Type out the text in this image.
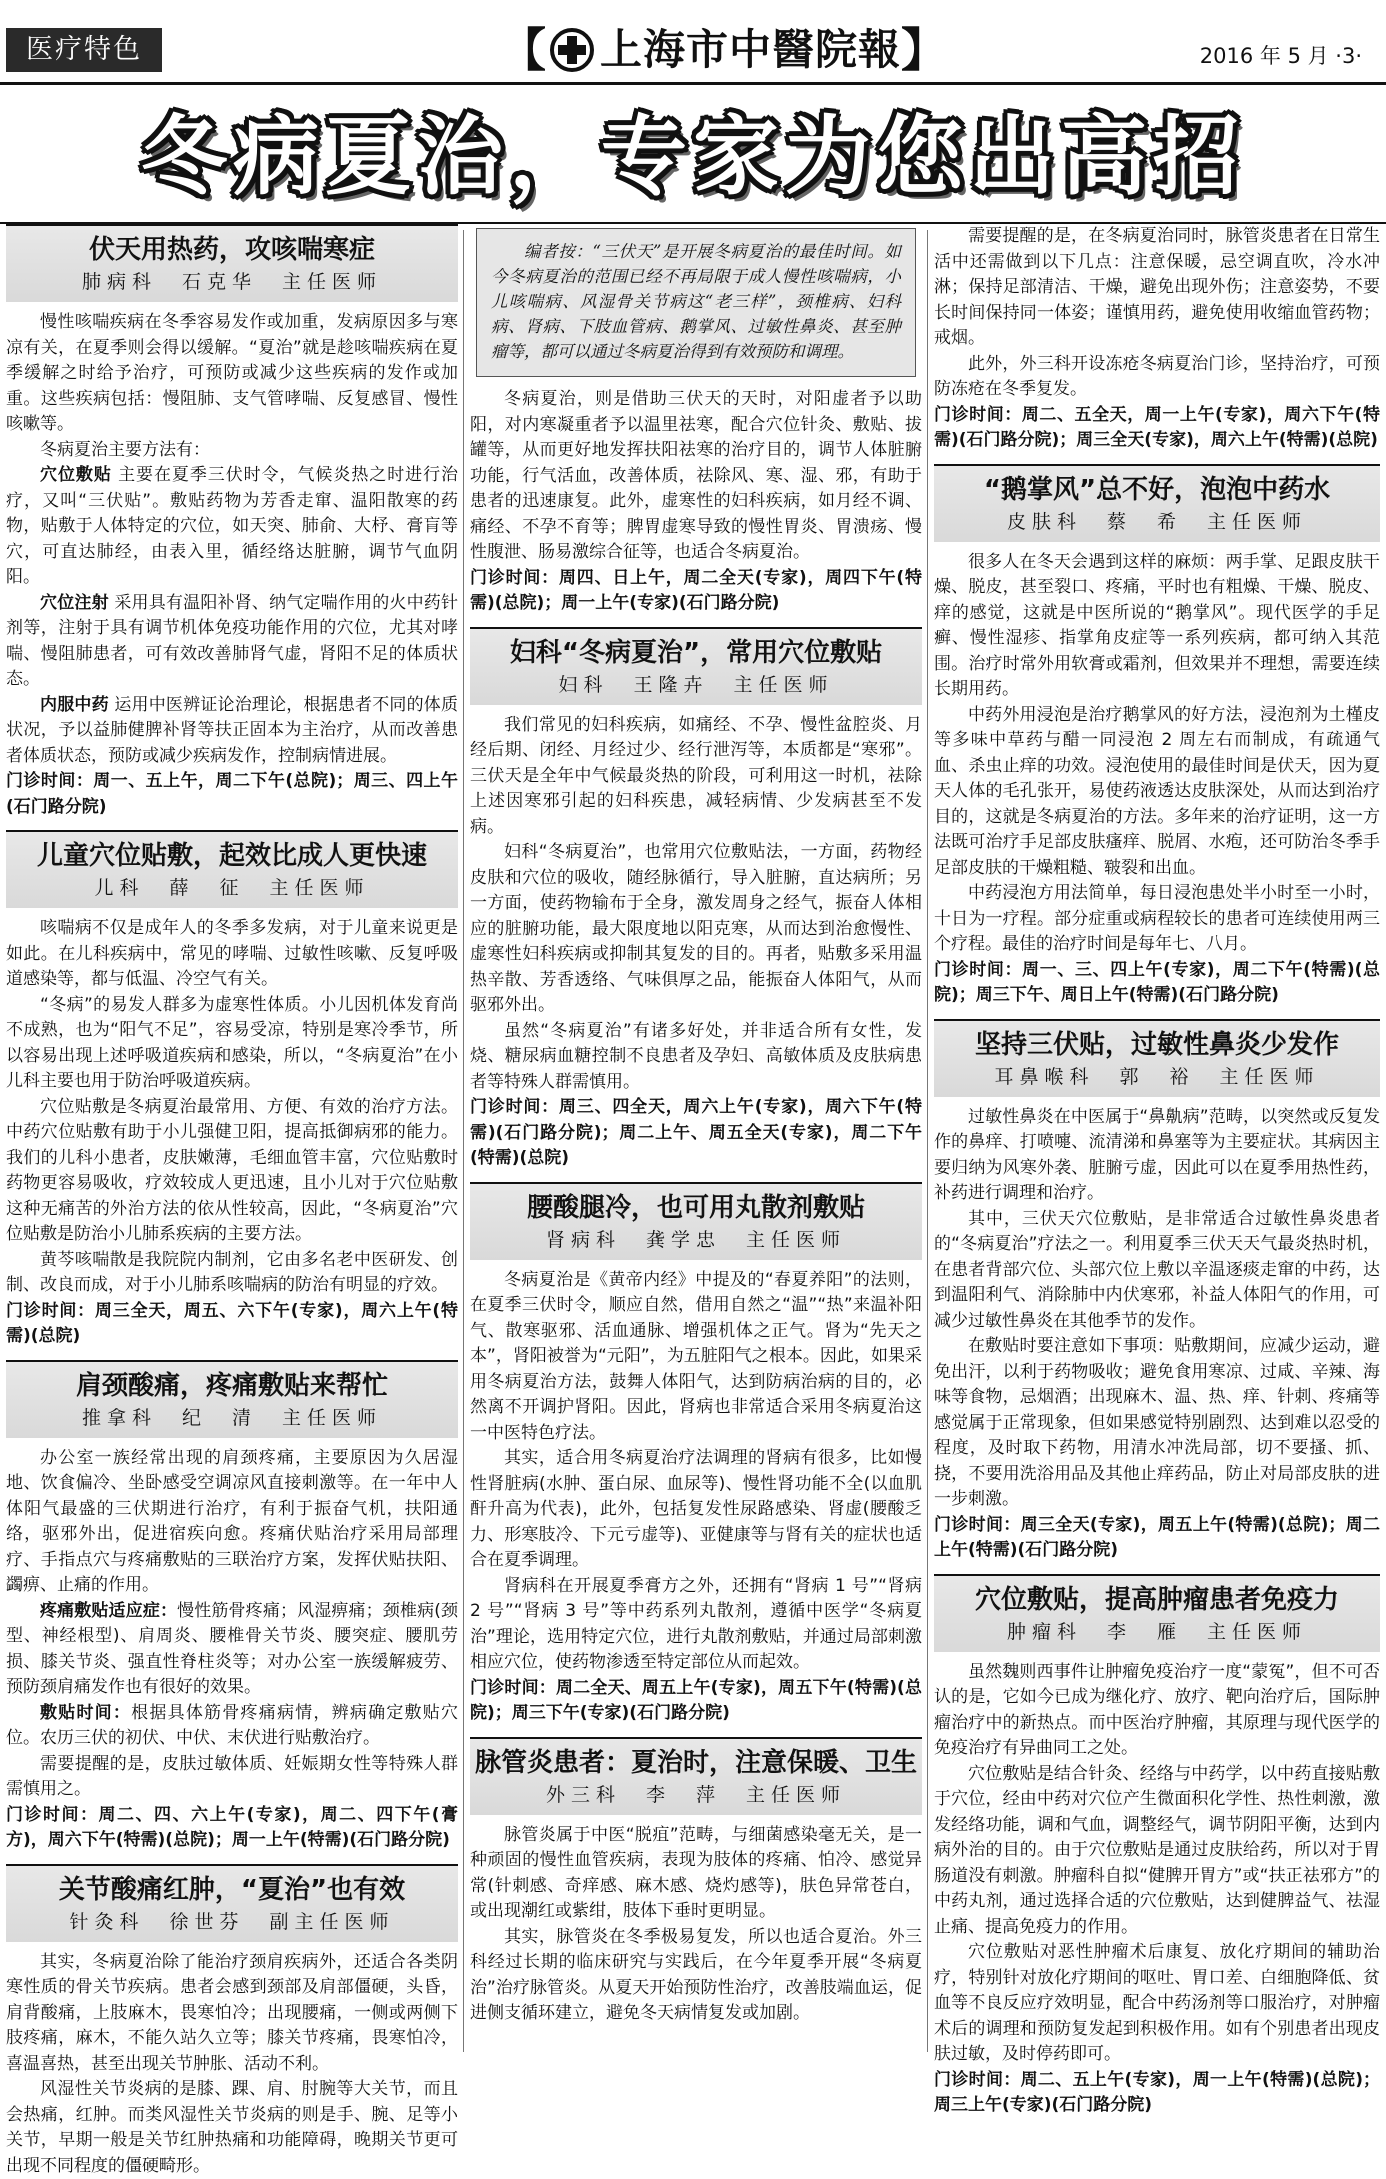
医疗特色	【 上海市中醫院報 】	2016 年 5 月 ·3·
冬病夏治，专家为您出高招
伏天用热药，攻咳喘寒症
肺病科　石克华　主任医师

慢性咳喘疾病在冬季容易发作或加重，发病原因多与寒凉有关，在夏季则会得以缓解。“夏治”就是趁咳喘疾病在夏季缓解之时给予治疗，可预防或减少这些疾病的发作或加重。这些疾病包括：慢阻肺、支气管哮喘、反复感冒、慢性咳嗽等。

冬病夏治主要方法有：

穴位敷贴 主要在夏季三伏时令，气候炎热之时进行治疗，又叫“三伏贴”。敷贴药物为芳香走窜、温阳散寒的药物，贴敷于人体特定的穴位，如天突、肺俞、大杼、膏肓等穴，可直达肺经，由表入里，循经络达脏腑，调节气血阴阳。

穴位注射 采用具有温阳补肾、纳气定喘作用的火中药针剂等，注射于具有调节机体免疫功能作用的穴位，尤其对哮喘、慢阻肺患者，可有效改善肺肾气虚，肾阳不足的体质状态。

内服中药 运用中医辨证论治理论，根据患者不同的体质状况，予以益肺健脾补肾等扶正固本为主治疗，从而改善患者体质状态，预防或减少疾病发作，控制病情进展。

门诊时间：周一、五上午，周二下午(总院)；周三、四上午(石门路分院)

儿童穴位贴敷，起效比成人更快速
儿科　薛　征　主任医师

咳喘病不仅是成年人的冬季多发病，对于儿童来说更是如此。在儿科疾病中，常见的哮喘、过敏性咳嗽、反复呼吸道感染等，都与低温、冷空气有关。

“冬病”的易发人群多为虚寒性体质。小儿因机体发育尚不成熟，也为“阳气不足”，容易受凉，特别是寒冷季节，所以容易出现上述呼吸道疾病和感染，所以，“冬病夏治”在小儿科主要也用于防治呼吸道疾病。

穴位贴敷是冬病夏治最常用、方便、有效的治疗方法。中药穴位贴敷有助于小儿强健卫阳，提高抵御病邪的能力。我们的儿科小患者，皮肤嫩薄，毛细血管丰富，穴位贴敷时药物更容易吸收，疗效较成人更迅速，且小儿对于穴位贴敷这种无痛苦的外治方法的依从性较高，因此，“冬病夏治”穴位贴敷是防治小儿肺系疾病的主要方法。

黄芩咳喘散是我院院内制剂，它由多名老中医研发、创制、改良而成，对于小儿肺系咳喘病的防治有明显的疗效。

门诊时间：周三全天，周五、六下午(专家)，周六上午(特需)(总院)

肩颈酸痛，疼痛敷贴来帮忙
推拿科　纪　清　主任医师

办公室一族经常出现的肩颈疼痛，主要原因为久居湿地、饮食偏冷、坐卧感受空调凉风直接刺激等。在一年中人体阳气最盛的三伏期进行治疗，有利于振奋气机，扶阳通络，驱邪外出，促进宿疾向愈。疼痛伏贴治疗采用局部理疗、手指点穴与疼痛敷贴的三联治疗方案，发挥伏贴扶阳、蠲痹、止痛的作用。

疼痛敷贴适应症：慢性筋骨疼痛；风湿痹痛；颈椎病(颈型、神经根型)、肩周炎、腰椎骨关节炎、腰突症、腰肌劳损、膝关节炎、强直性脊柱炎等；对办公室一族缓解疲劳、预防颈肩痛发作也有很好的效果。

敷贴时间：根据具体筋骨疼痛病情，辨病确定敷贴穴位。农历三伏的初伏、中伏、末伏进行贴敷治疗。

需要提醒的是，皮肤过敏体质、妊娠期女性等特殊人群需慎用之。

门诊时间：周二、四、六上午(专家)，周二、四下午(膏方)，周六下午(特需)(总院)；周一上午(特需)(石门路分院)

关节酸痛红肿，“夏治”也有效
针灸科　徐世芬　副主任医师

其实，冬病夏治除了能治疗颈肩疾病外，还适合各类阴寒性质的骨关节疾病。患者会感到颈部及肩部僵硬，头昏，肩背酸痛，上肢麻木，畏寒怕冷；出现腰痛，一侧或两侧下肢疼痛，麻木，不能久站久立等；膝关节疼痛，畏寒怕冷，喜温喜热，甚至出现关节肿胀、活动不利。

风湿性关节炎病的是膝、踝、肩、肘腕等大关节，而且会热痛，红肿。而类风湿性关节炎病的则是手、腕、足等小关节，早期一般是关节红肿热痛和功能障碍，晚期关节更可出现不同程度的僵硬畸形。

编者按：“三伏天”是开展冬病夏治的最佳时间。如今冬病夏治的范围已经不再局限于成人慢性咳喘病，小儿咳喘病、风湿骨关节病这“老三样”，颈椎病、妇科病、肾病、下肢血管病、鹅掌风、过敏性鼻炎、甚至肿瘤等，都可以通过冬病夏治得到有效预防和调理。

冬病夏治，则是借助三伏天的天时，对阳虚者予以助阳，对内寒凝重者予以温里祛寒，配合穴位针灸、敷贴、拔罐等，从而更好地发挥扶阳祛寒的治疗目的，调节人体脏腑功能，行气活血，改善体质，祛除风、寒、湿、邪，有助于患者的迅速康复。此外，虚寒性的妇科疾病，如月经不调、痛经、不孕不育等；脾胃虚寒导致的慢性胃炎、胃溃疡、慢性腹泄、肠易激综合征等，也适合冬病夏治。

门诊时间：周四、日上午，周二全天(专家)，周四下午(特需)(总院)；周一上午(专家)(石门路分院)

妇科“冬病夏治”，常用穴位敷贴
妇科　王隆卉　主任医师

我们常见的妇科疾病，如痛经、不孕、慢性盆腔炎、月经后期、闭经、月经过少、经行泄泻等，本质都是“寒邪”。三伏天是全年中气候最炎热的阶段，可利用这一时机，祛除上述因寒邪引起的妇科疾患，减轻病情、少发病甚至不发病。

妇科“冬病夏治”，也常用穴位敷贴法，一方面，药物经皮肤和穴位的吸收，随经脉循行，导入脏腑，直达病所；另一方面，使药物输布于全身，激发周身之经气，振奋人体相应的脏腑功能，最大限度地以阳克寒，从而达到治愈慢性、虚寒性妇科疾病或抑制其复发的目的。再者，贴敷多采用温热辛散、芳香透络、气味俱厚之品，能振奋人体阳气，从而驱邪外出。

虽然“冬病夏治”有诸多好处，并非适合所有女性，发烧、糖尿病血糖控制不良患者及孕妇、高敏体质及皮肤病患者等特殊人群需慎用。

门诊时间：周三、四全天，周六上午(专家)，周六下午(特需)(石门路分院)；周二上午、周五全天(专家)，周二下午(特需)(总院)

腰酸腿冷，也可用丸散剂敷贴
肾病科　龚学忠　主任医师

冬病夏治是《黄帝内经》中提及的“春夏养阳”的法则，在夏季三伏时令，顺应自然，借用自然之“温”“热”来温补阳气、散寒驱邪、活血通脉、增强机体之正气。肾为“先天之本”，肾阳被誉为“元阳”，为五脏阳气之根本。因此，如果采用冬病夏治方法，鼓舞人体阳气，达到防病治病的目的，必然离不开调护肾阳。因此，肾病也非常适合采用冬病夏治这一中医特色疗法。

其实，适合用冬病夏治疗法调理的肾病有很多，比如慢性肾脏病(水肿、蛋白尿、血尿等)、慢性肾功能不全(以血肌酐升高为代表)，此外，包括复发性尿路感染、肾虚(腰酸乏力、形寒肢冷、下元亏虚等)、亚健康等与肾有关的症状也适合在夏季调理。

肾病科在开展夏季膏方之外，还拥有“肾病 1 号”“肾病 2 号”“肾病 3 号”等中药系列丸散剂，遵循中医学“冬病夏治”理论，选用特定穴位，进行丸散剂敷贴，并通过局部刺激相应穴位，使药物渗透至特定部位从而起效。

门诊时间：周二全天、周五上午(专家)，周五下午(特需)(总院)；周三下午(专家)(石门路分院)

脉管炎患者：夏治时，注意保暖、卫生
外三科　李　萍　主任医师

脉管炎属于中医“脱疽”范畴，与细菌感染毫无关，是一种顽固的慢性血管疾病，表现为肢体的疼痛、怕冷、感觉异常(针刺感、奇痒感、麻木感、烧灼感等)，肤色异常苍白，或出现潮红或紫绀，肢体下垂时更明显。

其实，脉管炎在冬季极易复发，所以也适合夏治。外三科经过长期的临床研究与实践后，在今年夏季开展“冬病夏治”治疗脉管炎。从夏天开始预防性治疗，改善肢端血运，促进侧支循环建立，避免冬天病情复发或加剧。

需要提醒的是，在冬病夏治同时，脉管炎患者在日常生活中还需做到以下几点：注意保暖，忌空调直吹，冷水冲淋；保持足部清洁、干燥，避免出现外伤；注意姿势，不要长时间保持同一体姿；谨慎用药，避免使用收缩血管药物；戒烟。

此外，外三科开设冻疮冬病夏治门诊，坚持治疗，可预防冻疮在冬季复发。

门诊时间：周二、五全天，周一上午(专家)，周六下午(特需)(石门路分院)；周三全天(专家)，周六上午(特需)(总院)

“鹅掌风”总不好，泡泡中药水
皮肤科　蔡　希　主任医师

很多人在冬天会遇到这样的麻烦：两手掌、足跟皮肤干燥、脱皮，甚至裂口、疼痛，平时也有粗燥、干燥、脱皮、痒的感觉，这就是中医所说的“鹅掌风”。现代医学的手足癣、慢性湿疹、指掌角皮症等一系列疾病，都可纳入其范围。治疗时常外用软膏或霜剂，但效果并不理想，需要连续长期用药。

中药外用浸泡是治疗鹅掌风的好方法，浸泡剂为土槿皮等多味中草药与醋一同浸泡 2 周左右而制成，有疏通气血、杀虫止痒的功效。浸泡使用的最佳时间是伏天，因为夏天人体的毛孔张开，易使药液透达皮肤深处，从而达到治疗目的，这就是冬病夏治的方法。多年来的治疗证明，这一方法既可治疗手足部皮肤瘙痒、脱屑、水疱，还可防治冬季手足部皮肤的干燥粗糙、皲裂和出血。

中药浸泡方用法简单，每日浸泡患处半小时至一小时，十日为一疗程。部分症重或病程较长的患者可连续使用两三个疗程。最佳的治疗时间是每年七、八月。

门诊时间：周一、三、四上午(专家)，周二下午(特需)(总院)；周三下午、周日上午(特需)(石门路分院)

坚持三伏贴，过敏性鼻炎少发作
耳鼻喉科　郭　裕　主任医师

过敏性鼻炎在中医属于“鼻鼽病”范畴，以突然或反复发作的鼻痒、打喷嚏、流清涕和鼻塞等为主要症状。其病因主要归纳为风寒外袭、脏腑亏虚，因此可以在夏季用热性药，补药进行调理和治疗。

其中，三伏天穴位敷贴，是非常适合过敏性鼻炎患者的“冬病夏治”疗法之一。利用夏季三伏天天气最炎热时机，在患者背部穴位、头部穴位上敷以辛温逐痰走窜的中药，达到温阳利气、消除肺中内伏寒邪，补益人体阳气的作用，可减少过敏性鼻炎在其他季节的发作。

在敷贴时要注意如下事项：贴敷期间，应减少运动，避免出汗，以利于药物吸收；避免食用寒凉、过咸、辛辣、海味等食物，忌烟酒；出现麻木、温、热、痒、针刺、疼痛等感觉属于正常现象，但如果感觉特别剧烈、达到难以忍受的程度，及时取下药物，用清水冲洗局部，切不要搔、抓、挠，不要用洗浴用品及其他止痒药品，防止对局部皮肤的进一步刺激。

门诊时间：周三全天(专家)，周五上午(特需)(总院)；周二上午(特需)(石门路分院)

穴位敷贴，提高肿瘤患者免疫力
肿瘤科　李　雁　主任医师

虽然魏则西事件让肿瘤免疫治疗一度“蒙冤”，但不可否认的是，它如今已成为继化疗、放疗、靶向治疗后，国际肿瘤治疗中的新热点。而中医治疗肿瘤，其原理与现代医学的免疫治疗有异曲同工之处。

穴位敷贴是结合针灸、经络与中药学，以中药直接贴敷于穴位，经由中药对穴位产生微面积化学性、热性刺激，激发经络功能，调和气血，调整经气，调节阴阳平衡，达到内病外治的目的。由于穴位敷贴是通过皮肤给药，所以对于胃肠道没有刺激。肿瘤科自拟“健脾开胃方”或“扶正祛邪方”的中药丸剂，通过选择合适的穴位敷贴，达到健脾益气、祛湿止痛、提高免疫力的作用。

穴位敷贴对恶性肿瘤术后康复、放化疗期间的辅助治疗，特别针对放化疗期间的呕吐、胃口差、白细胞降低、贫血等不良反应疗效明显，配合中药汤剂等口服治疗，对肿瘤术后的调理和预防复发起到积极作用。如有个别患者出现皮肤过敏，及时停药即可。

门诊时间：周二、五上午(专家)，周一上午(特需)(总院)；周三上午(专家)(石门路分院)
